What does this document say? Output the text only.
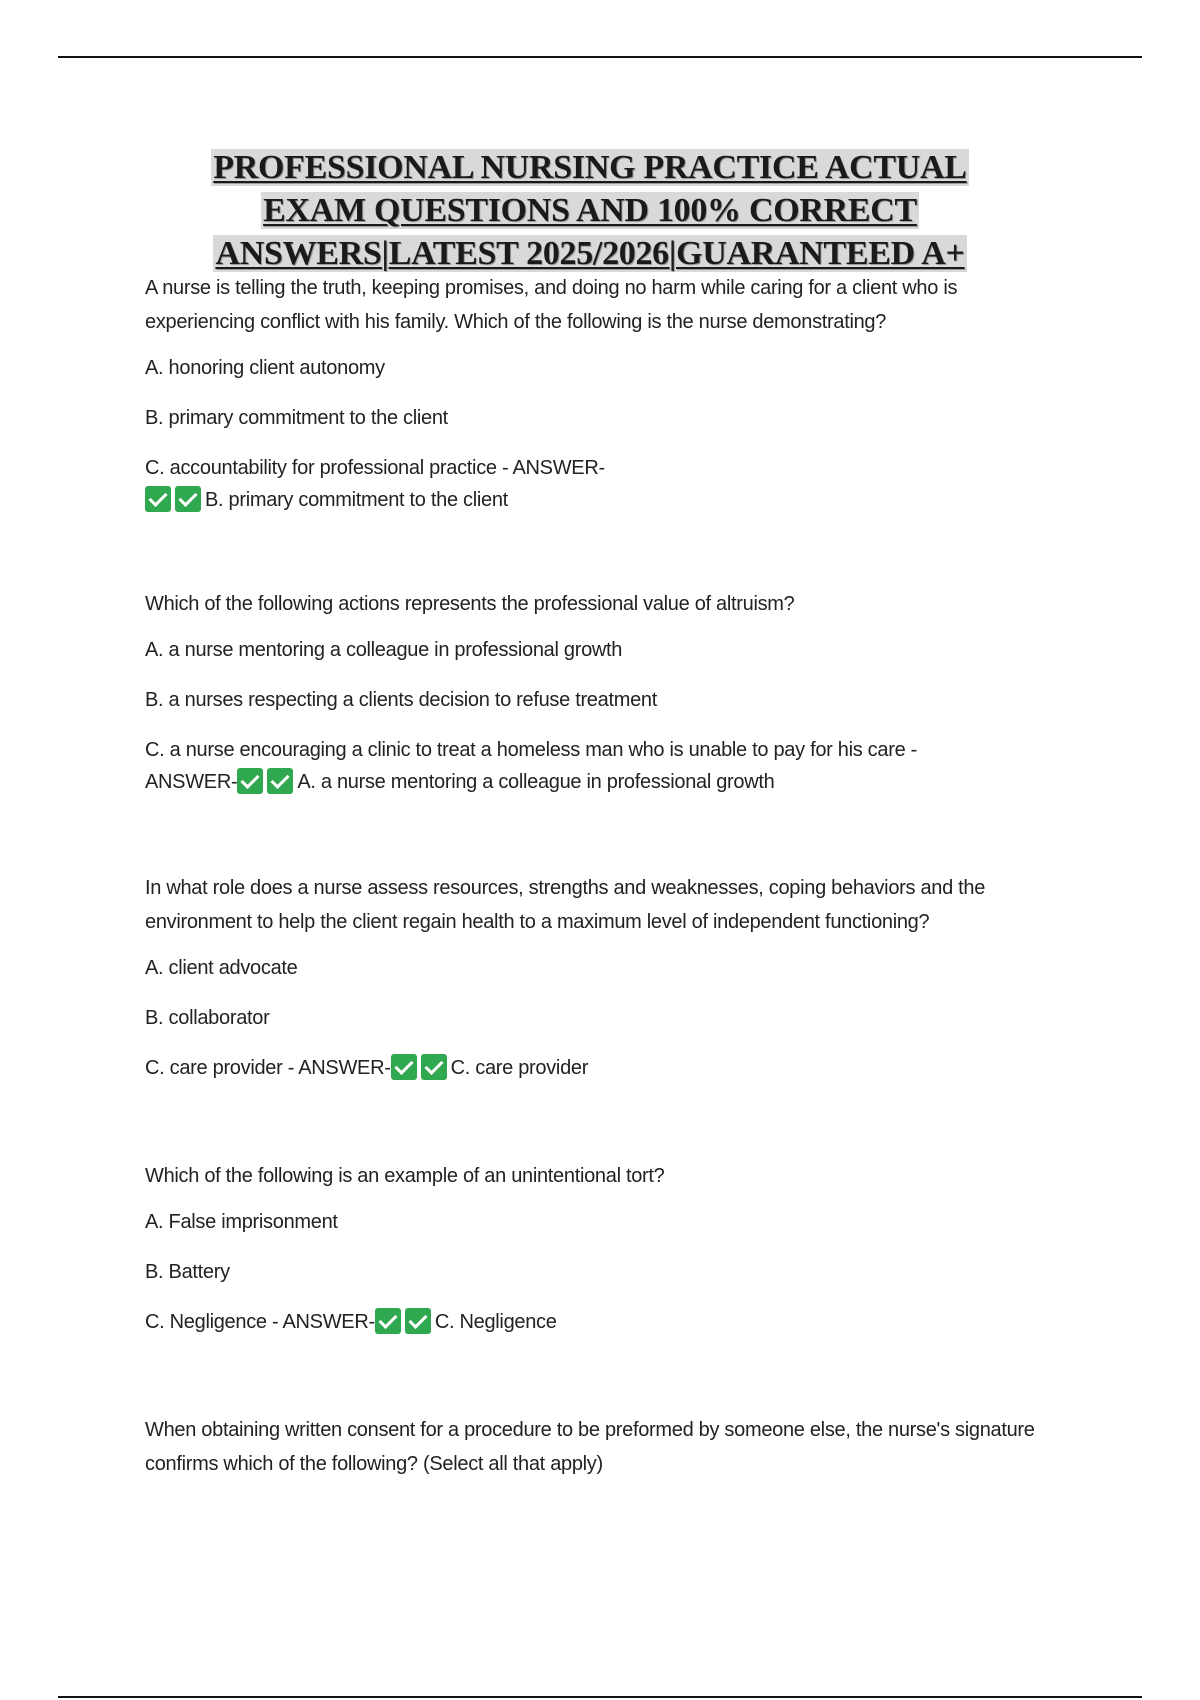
PROFESSIONAL NURSING PRACTICE ACTUAL
EXAM QUESTIONS AND 100% CORRECT
ANSWERS|LATEST 2025/2026|GUARANTEED A+
A nurse is telling the truth, keeping promises, and doing no harm while caring for a client who is experiencing conflict with his family. Which of the following is the nurse demonstrating?
A. honoring client autonomy
B. primary commitment to the client
C. accountability for professional practice - ANSWER-
B. primary commitment to the client
Which of the following actions represents the professional value of altruism?
A. a nurse mentoring a colleague in professional growth
B. a nurses respecting a clients decision to refuse treatment
C. a nurse encouraging a clinic to treat a homeless man who is unable to pay for his care -
ANSWER-	A. a nurse mentoring a colleague in professional growth
In what role does a nurse assess resources, strengths and weaknesses, coping behaviors and the environment to help the client regain health to a maximum level of independent functioning?
A. client advocate
B. collaborator
C. care provider - ANSWER-	C. care provider
Which of the following is an example of an unintentional tort?
A. False imprisonment
B. Battery
C. Negligence - ANSWER-	C. Negligence
When obtaining written consent for a procedure to be preformed by someone else, the nurse's signature confirms which of the following? (Select all that apply)
